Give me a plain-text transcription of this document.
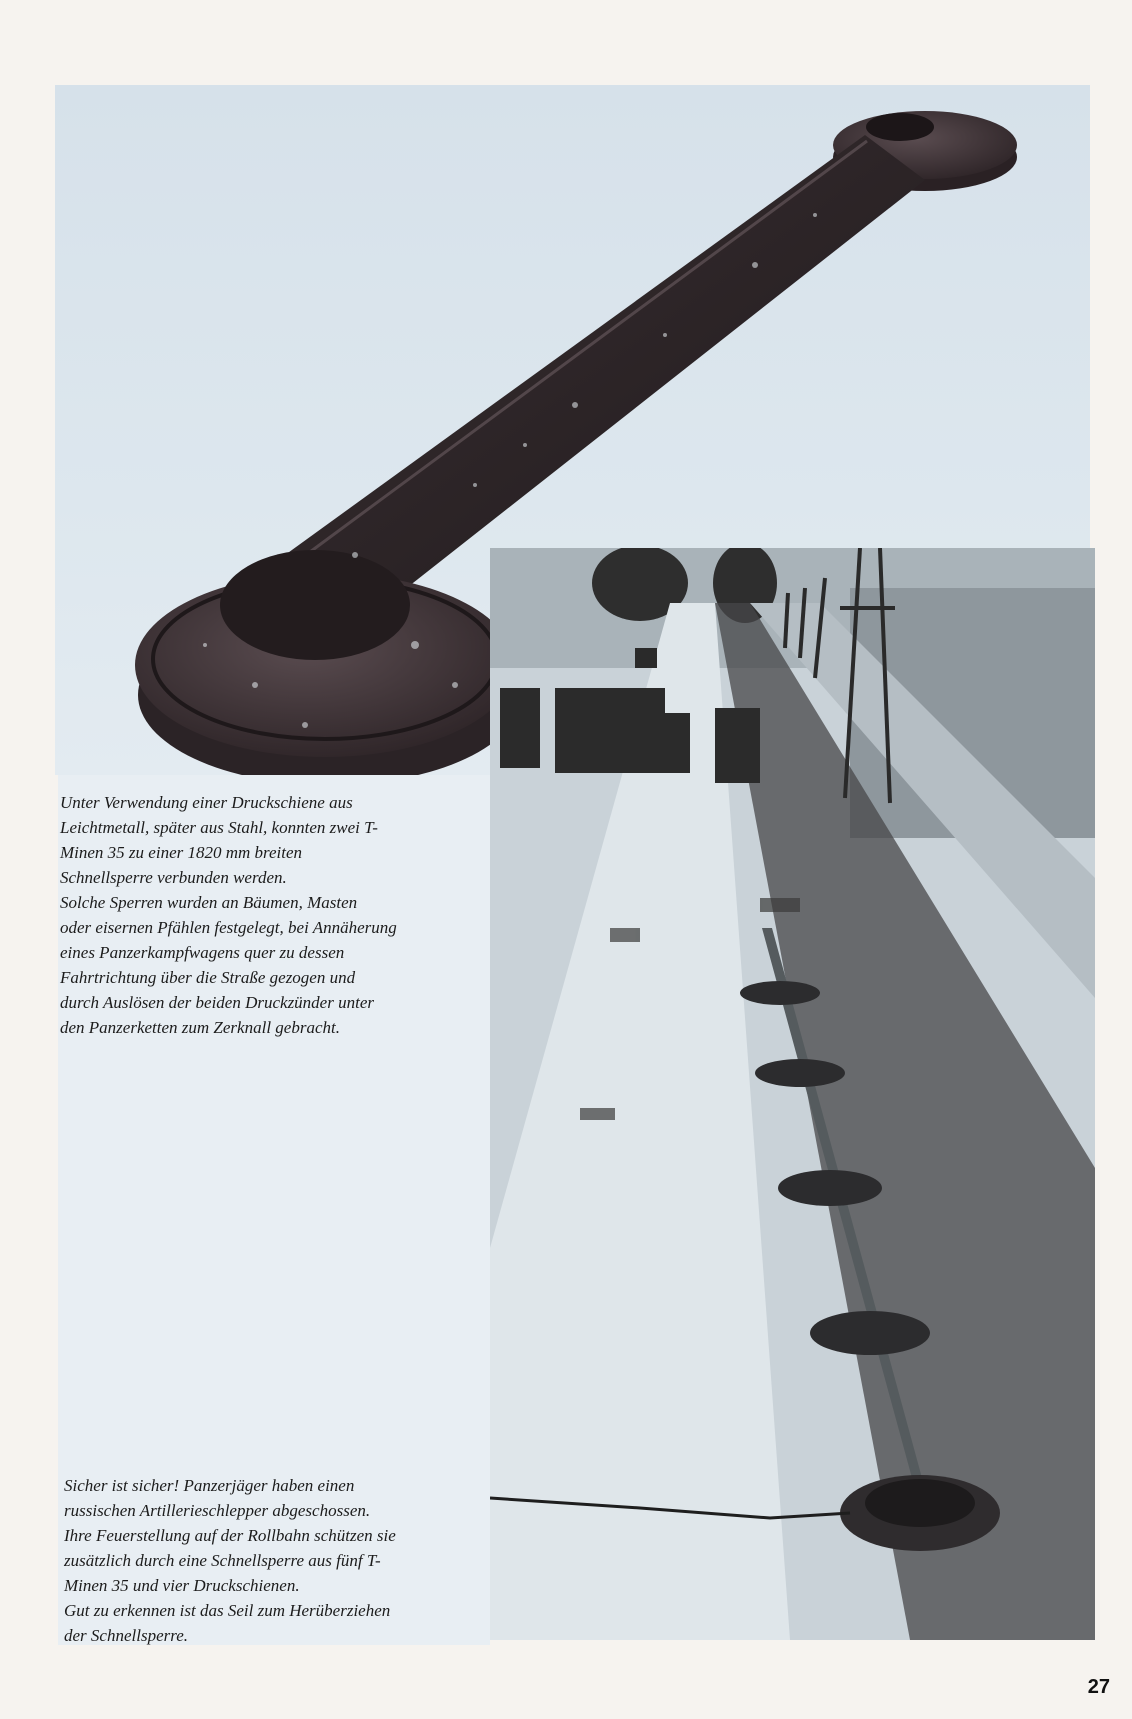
Unter Verwendung einer Druckschiene aus
Leichtmetall, später aus Stahl, konnten zwei T-
Minen 35 zu einer 1820 mm breiten
Schnellsperre verbunden werden.
Solche Sperren wurden an Bäumen, Masten
oder eisernen Pfählen festgelegt, bei Annäherung
eines Panzerkampfwagens quer zu dessen
Fahrtrichtung über die Straße gezogen und
durch Auslösen der beiden Druckzünder unter
den Panzerketten zum Zerknall gebracht.

Sicher ist sicher! Panzerjäger haben einen
russischen Artillerieschlepper abgeschossen.
Ihre Feuerstellung auf der Rollbahn schützen sie
zusätzlich durch eine Schnellsperre aus fünf T-
Minen 35 und vier Druckschienen.
Gut zu erkennen ist das Seil zum Herüberziehen
der Schnellsperre.

27
